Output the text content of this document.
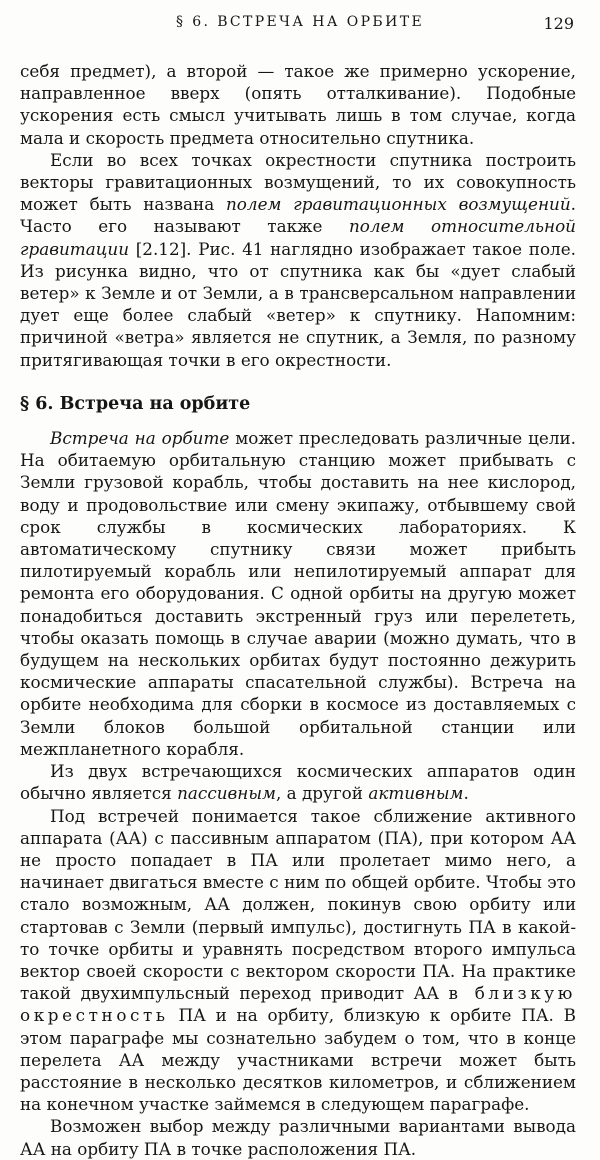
§ 6. ВСТРЕЧА НА ОРБИТЕ	129

себя предмет), а второй — такое же примерно ускорение, направленное вверх (опять отталкивание). Подобные ускорения есть смысл учитывать лишь в том случае, когда мала и скорость предмета относительно спутника.

Если во всех точках окрестности спутника построить векторы гравитационных возмущений, то их совокупность может быть названа полем гравитационных возмущений. Часто его называют также полем относительной гравитации [2.12]. Рис. 41 наглядно изображает такое поле. Из рисунка видно, что от спутника как бы «дует слабый ветер» к Земле и от Земли, а в трансверсальном направлении дует еще более слабый «ветер» к спутнику. Напомним: причиной «ветра» является не спутник, а Земля, по разному притягивающая точки в его окрестности.

§ 6. Встреча на орбите

Встреча на орбите может преследовать различные цели. На обитаемую орбитальную станцию может прибывать с Земли грузовой корабль, чтобы доставить на нее кислород, воду и продовольствие или смену экипажу, отбывшему свой срок службы в космических лабораториях. К автоматическому спутнику связи может прибыть пилотируемый корабль или непилотируемый аппарат для ремонта его оборудования. С одной орбиты на другую может понадобиться доставить экстренный груз или перелететь, чтобы оказать помощь в случае аварии (можно думать, что в будущем на нескольких орбитах будут постоянно дежурить космические аппараты спасательной службы). Встреча на орбите необходима для сборки в космосе из доставляемых с Земли блоков большой орбитальной станции или межпланетного корабля.

Из двух встречающихся космических аппаратов один обычно является пассивным, а другой активным.

Под встречей понимается такое сближение активного аппарата (АА) с пассивным аппаратом (ПА), при котором АА не просто попадает в ПА или пролетает мимо него, а начинает двигаться вместе с ним по общей орбите. Чтобы это стало возможным, АА должен, покинув свою орбиту или стартовав с Земли (первый импульс), достигнуть ПА в какой-то точке орбиты и уравнять посредством второго импульса вектор своей скорости с вектором скорости ПА. На практике такой двухимпульсный переход приводит АА в близкую окрестность ПА и на орбиту, близкую к орбите ПА. В этом параграфе мы сознательно забудем о том, что в конце перелета АА между участниками встречи может быть расстояние в несколько десятков километров, и сближением на конечном участке займемся в следующем параграфе.

Возможен выбор между различными вариантами вывода АА на орбиту ПА в точке расположения ПА.
